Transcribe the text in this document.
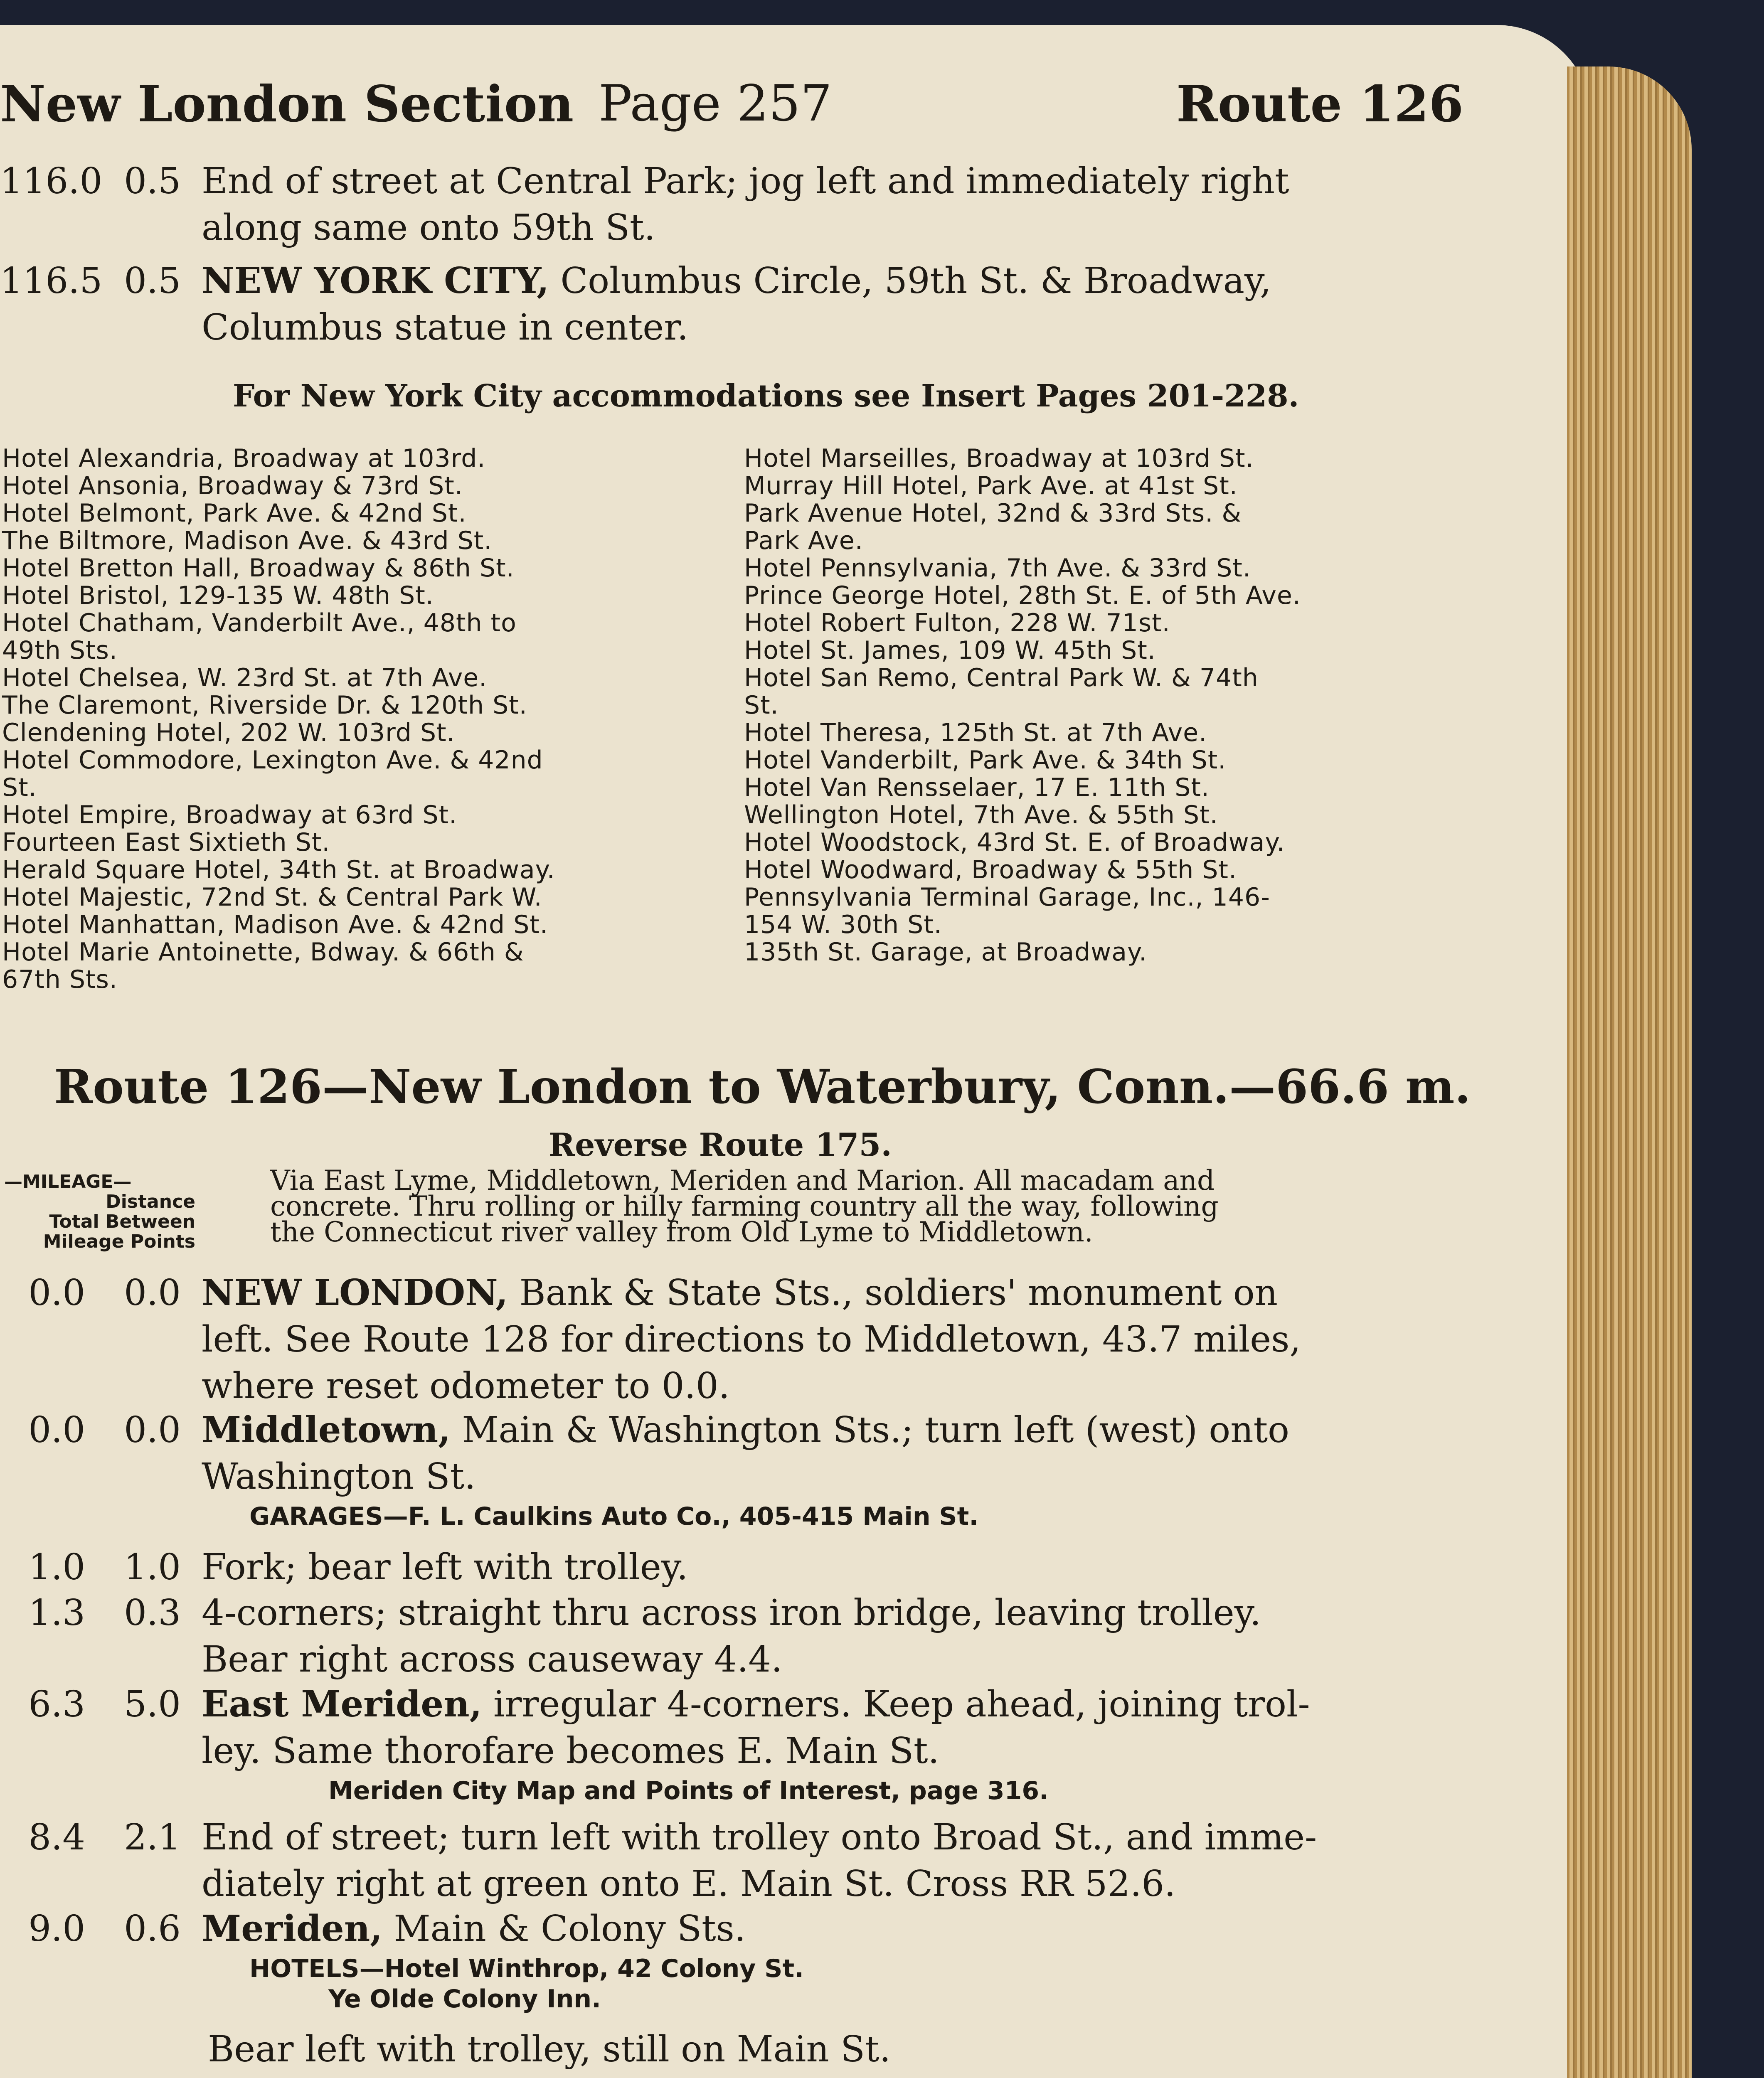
New London Section Page 257	Route 126
116.0 0.5 End of street at Central Park; jog left and immediately right
along same onto 59th St.
116.5 0.5 NEW YORK CITY, Columbus Circle, 59th St. & Broadway,
Columbus statue in center.
For New York City accommodations see Insert Pages 201-228.
Hotel Alexandria, Broadway at 103rd.
Hotel Ansonia, Broadway & 73rd St.
Hotel Belmont, Park Ave. & 42nd St.
The Biltmore, Madison Ave. & 43rd St.
Hotel Bretton Hall, Broadway & 86th St.
Hotel Bristol, 129-135 W. 48th St.
Hotel Chatham, Vanderbilt Ave., 48th to
49th Sts.
Hotel Chelsea, W. 23rd St. at 7th Ave.
The Claremont, Riverside Dr. & 120th St.
Clendening Hotel, 202 W. 103rd St.
Hotel Commodore, Lexington Ave. & 42nd
St.
Hotel Empire, Broadway at 63rd St.
Fourteen East Sixtieth St.
Herald Square Hotel, 34th St. at Broadway.
Hotel Majestic, 72nd St. & Central Park W.
Hotel Manhattan, Madison Ave. & 42nd St.
Hotel Marie Antoinette, Bdway. & 66th &
67th Sts.
Hotel Marseilles, Broadway at 103rd St.
Murray Hill Hotel, Park Ave. at 41st St.
Park Avenue Hotel, 32nd & 33rd Sts. &
Park Ave.
Hotel Pennsylvania, 7th Ave. & 33rd St.
Prince George Hotel, 28th St. E. of 5th Ave.
Hotel Robert Fulton, 228 W. 71st.
Hotel St. James, 109 W. 45th St.
Hotel San Remo, Central Park W. & 74th
St.
Hotel Theresa, 125th St. at 7th Ave.
Hotel Vanderbilt, Park Ave. & 34th St.
Hotel Van Rensselaer, 17 E. 11th St.
Wellington Hotel, 7th Ave. & 55th St.
Hotel Woodstock, 43rd St. E. of Broadway.
Hotel Woodward, Broadway & 55th St.
Pennsylvania Terminal Garage, Inc., 146-
154 W. 30th St.
135th St. Garage, at Broadway.
Route 126—New London to Waterbury, Conn.—66.6 m.
Reverse Route 175.
—MILEAGE—
Distance
Total Between
Mileage Points
Via East Lyme, Middletown, Meriden and Marion. All macadam and
concrete. Thru rolling or hilly farming country all the way, following
the Connecticut river valley from Old Lyme to Middletown.
0.0	0.0 NEW LONDON, Bank & State Sts., soldiers' monument on
left. See Route 128 for directions to Middletown, 43.7 miles,
where reset odometer to 0.0.
0.0	0.0 Middletown, Main & Washington Sts.; turn left (west) onto
Washington St.
GARAGES—F. L. Caulkins Auto Co., 405-415 Main St.
1.0	1.0 Fork; bear left with trolley.
1.3	0.3 4-corners; straight thru across iron bridge, leaving trolley.
Bear right across causeway 4.4.
6.3	5.0 East Meriden, irregular 4-corners. Keep ahead, joining trol-
ley. Same thorofare becomes E. Main St.
Meriden City Map and Points of Interest, page 316.
8.4	2.1 End of street; turn left with trolley onto Broad St., and imme-
diately right at green onto E. Main St. Cross RR 52.6.
9.0	0.6 Meriden, Main & Colony Sts.
HOTELS—Hotel Winthrop, 42 Colony St.
Ye Olde Colony Inn.
Bear left with trolley, still on Main St.
